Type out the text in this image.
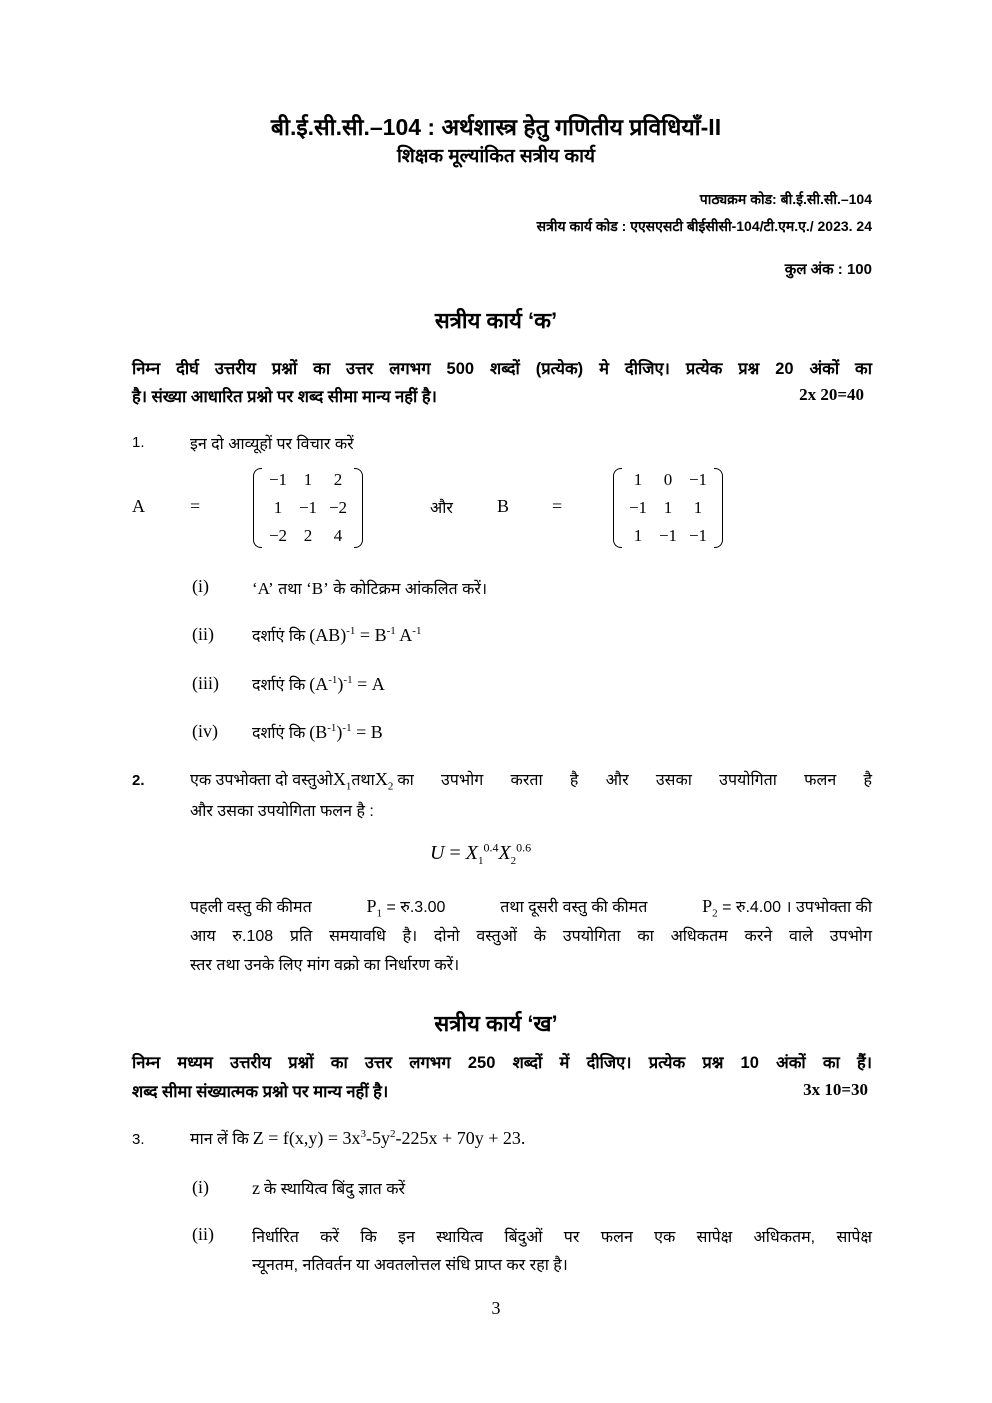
बी.ई.सी.सी.–104 : अर्थशास्त्र हेतु गणितीय प्रविधियाँ-II
शिक्षक मूल्यांकित सत्रीय कार्य
पाठ्यक्रम कोड: बी.ई.सी.सी.–104
सत्रीय कार्य कोड : एएसएसटी बीईसीसी-104/टी.एम.ए./ 2023. 24
कुल अंक : 100
सत्रीय कार्य ‘क’
निम्न दीर्घ उत्तरीय प्रश्नों का उत्तर लगभग 500 शब्दों (प्रत्येक) मे दीजिए। प्रत्येक प्रश्न 20 अंकों का
है। संख्या आधारित प्रश्नो पर शब्द सीमा मान्य नहीं है।	2x 20=40
1.	इन दो आव्यूहों पर विचार करें
A	=
−1 1	2
1 −1 −2
−2 2	4
और B =
1	0 −1
−1 1	1
1 −1 −1
(i)	‘A’ तथा ‘B’ के कोटिक्रम आंकलित करें।
(ii) दर्शाएं कि $(AB)^{-1} = B^{-1}$ $A^{-1}$
(iii) दर्शाएं कि $(A^{-1})^{-1} = A$
(iv) दर्शाएं कि $(B^{-1})^{-1} = B$
2.	एक उपभोक्ता दो वस्तुओ $X_1$ तथा $X_2$ का उपभोग करता है और उसका उपयोगिता फलन है
और उसका उपयोगिता फलन है :
$U = X_1^{0.4}X_2^{0.6}$
पहली वस्तु की कीमत	$P_1$ = रु.3.00	तथा दूसरी वस्तु की कीमत	$P_2$ = रु.4.00 । उपभोक्ता की
आय रु.108 प्रति समयावधि है। दोनो वस्तुओं के उपयोगिता का अधिकतम करने वाले उपभोग
स्तर तथा उनके लिए मांग वक्रो का निर्धारण करें।
सत्रीय कार्य ‘ख’
निम्न मध्यम उत्तरीय प्रश्नों का उत्तर लगभग 250 शब्दों में दीजिए। प्रत्येक प्रश्न 10 अंकों का हैं।
शब्द सीमा संख्यात्मक प्रश्नो पर मान्य नहीं है।	3x 10=30
3.	मान लें कि $Z = f(x,y) = 3x^3-5y^2-225x + 70y + 23$.
(i) z के स्थायित्व बिंदु ज्ञात करें
(ii) निर्धारित करें कि इन स्थायित्व बिंदुओं पर फलन एक सापेक्ष अधिकतम, सापेक्ष
न्यूनतम, नतिवर्तन या अवतलोत्तल संधि प्राप्त कर रहा है।
3
